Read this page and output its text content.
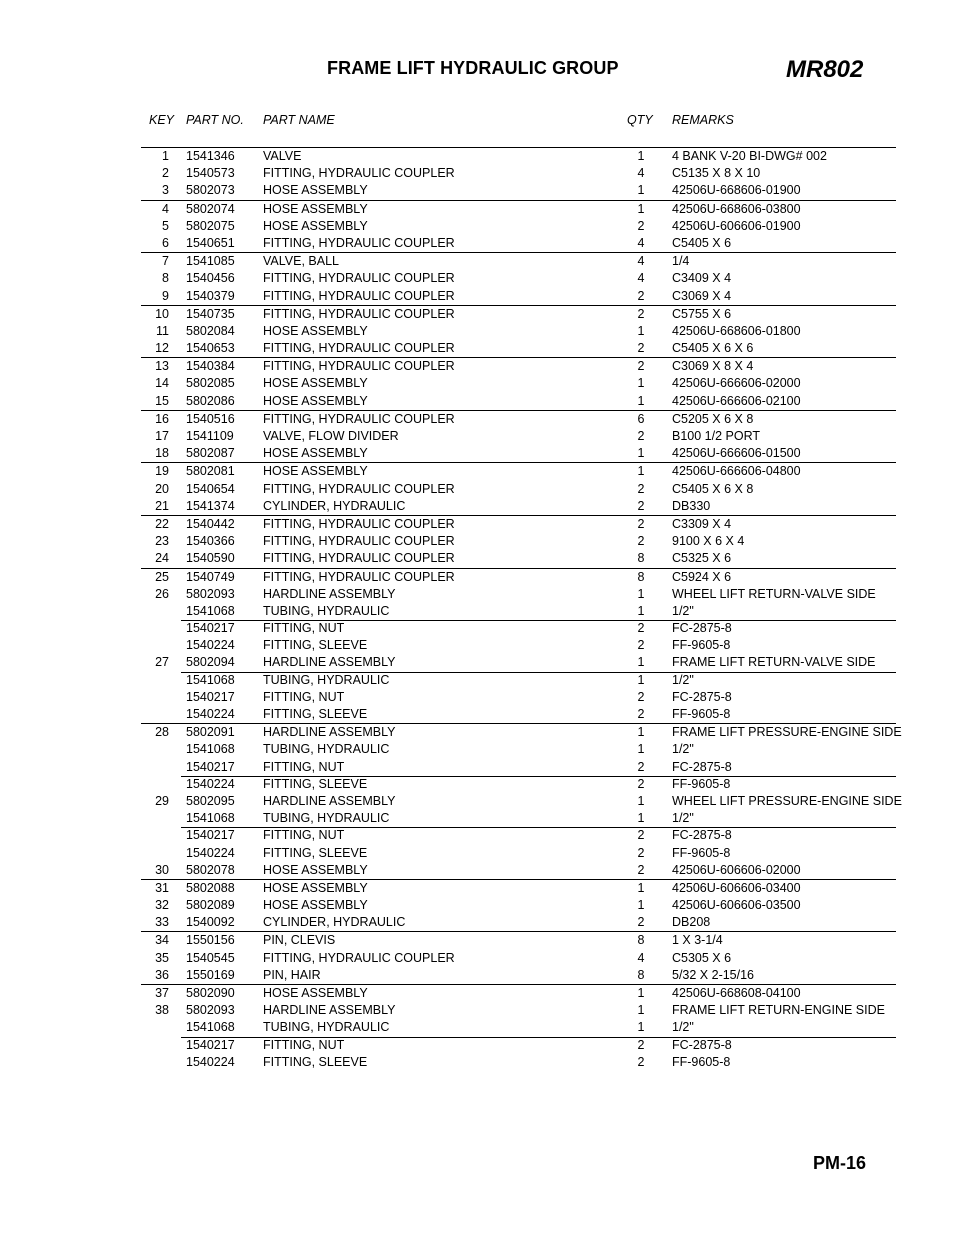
FRAME LIFT HYDRAULIC GROUP	MR802
KEY PART NO. PART NAME	QTY REMARKS
1 1541346 VALVE	1	4 BANK V-20 BI-DWG# 002
2 1540573 FITTING, HYDRAULIC COUPLER	4	C5135 X 8 X 10
3 5802073 HOSE ASSEMBLY	1	42506U-668606-01900
4 5802074 HOSE ASSEMBLY	1	42506U-668606-03800
5 5802075 HOSE ASSEMBLY	2	42506U-606606-01900
6 1540651 FITTING, HYDRAULIC COUPLER	4	C5405 X 6
7 1541085 VALVE, BALL	4	1/4
8 1540456 FITTING, HYDRAULIC COUPLER	4	C3409 X 4
9 1540379 FITTING, HYDRAULIC COUPLER	2	C3069 X 4
10 1540735 FITTING, HYDRAULIC COUPLER	2	C5755 X 6
11 5802084 HOSE ASSEMBLY	1	42506U-668606-01800
12 1540653 FITTING, HYDRAULIC COUPLER	2	C5405 X 6 X 6
13 1540384 FITTING, HYDRAULIC COUPLER	2	C3069 X 8 X 4
14 5802085 HOSE ASSEMBLY	1	42506U-666606-02000
15 5802086 HOSE ASSEMBLY	1	42506U-666606-02100
16 1540516 FITTING, HYDRAULIC COUPLER	6	C5205 X 6 X 8
17 1541109 VALVE, FLOW DIVIDER	2	B100 1/2 PORT
18 5802087 HOSE ASSEMBLY	1	42506U-666606-01500
19 5802081 HOSE ASSEMBLY	1	42506U-666606-04800
20 1540654 FITTING, HYDRAULIC COUPLER	2	C5405 X 6 X 8
21 1541374 CYLINDER, HYDRAULIC	2	DB330
22 1540442 FITTING, HYDRAULIC COUPLER	2	C3309 X 4
23 1540366 FITTING, HYDRAULIC COUPLER	2	9100 X 6 X 4
24 1540590 FITTING, HYDRAULIC COUPLER	8	C5325 X 6
25 1540749 FITTING, HYDRAULIC COUPLER	8	C5924 X 6
26 5802093 HARDLINE ASSEMBLY	1	WHEEL LIFT RETURN-VALVE SIDE
1541068 TUBING, HYDRAULIC	1	1/2"
1540217 FITTING, NUT	2	FC-2875-8
1540224 FITTING, SLEEVE	2	FF-9605-8
27 5802094 HARDLINE ASSEMBLY	1	FRAME LIFT RETURN-VALVE SIDE
1541068 TUBING, HYDRAULIC	1	1/2"
1540217 FITTING, NUT	2	FC-2875-8
1540224 FITTING, SLEEVE	2	FF-9605-8
28 5802091 HARDLINE ASSEMBLY	1	FRAME LIFT PRESSURE-ENGINE SIDE
1541068 TUBING, HYDRAULIC	1	1/2"
1540217 FITTING, NUT	2	FC-2875-8
1540224 FITTING, SLEEVE	2	FF-9605-8
29 5802095 HARDLINE ASSEMBLY	1	WHEEL LIFT PRESSURE-ENGINE SIDE
1541068 TUBING, HYDRAULIC	1	1/2"
1540217 FITTING, NUT	2	FC-2875-8
1540224 FITTING, SLEEVE	2	FF-9605-8
30 5802078 HOSE ASSEMBLY	2	42506U-606606-02000
31 5802088 HOSE ASSEMBLY	1	42506U-606606-03400
32 5802089 HOSE ASSEMBLY	1	42506U-606606-03500
33 1540092 CYLINDER, HYDRAULIC	2	DB208
34 1550156 PIN, CLEVIS	8	1 X 3-1/4
35 1540545 FITTING, HYDRAULIC COUPLER	4	C5305 X 6
36 1550169 PIN, HAIR	8	5/32 X 2-15/16
37 5802090 HOSE ASSEMBLY	1	42506U-668608-04100
38 5802093 HARDLINE ASSEMBLY	1	FRAME LIFT RETURN-ENGINE SIDE
1541068 TUBING, HYDRAULIC	1	1/2"
1540217 FITTING, NUT	2	FC-2875-8
1540224 FITTING, SLEEVE	2	FF-9605-8
PM-16
